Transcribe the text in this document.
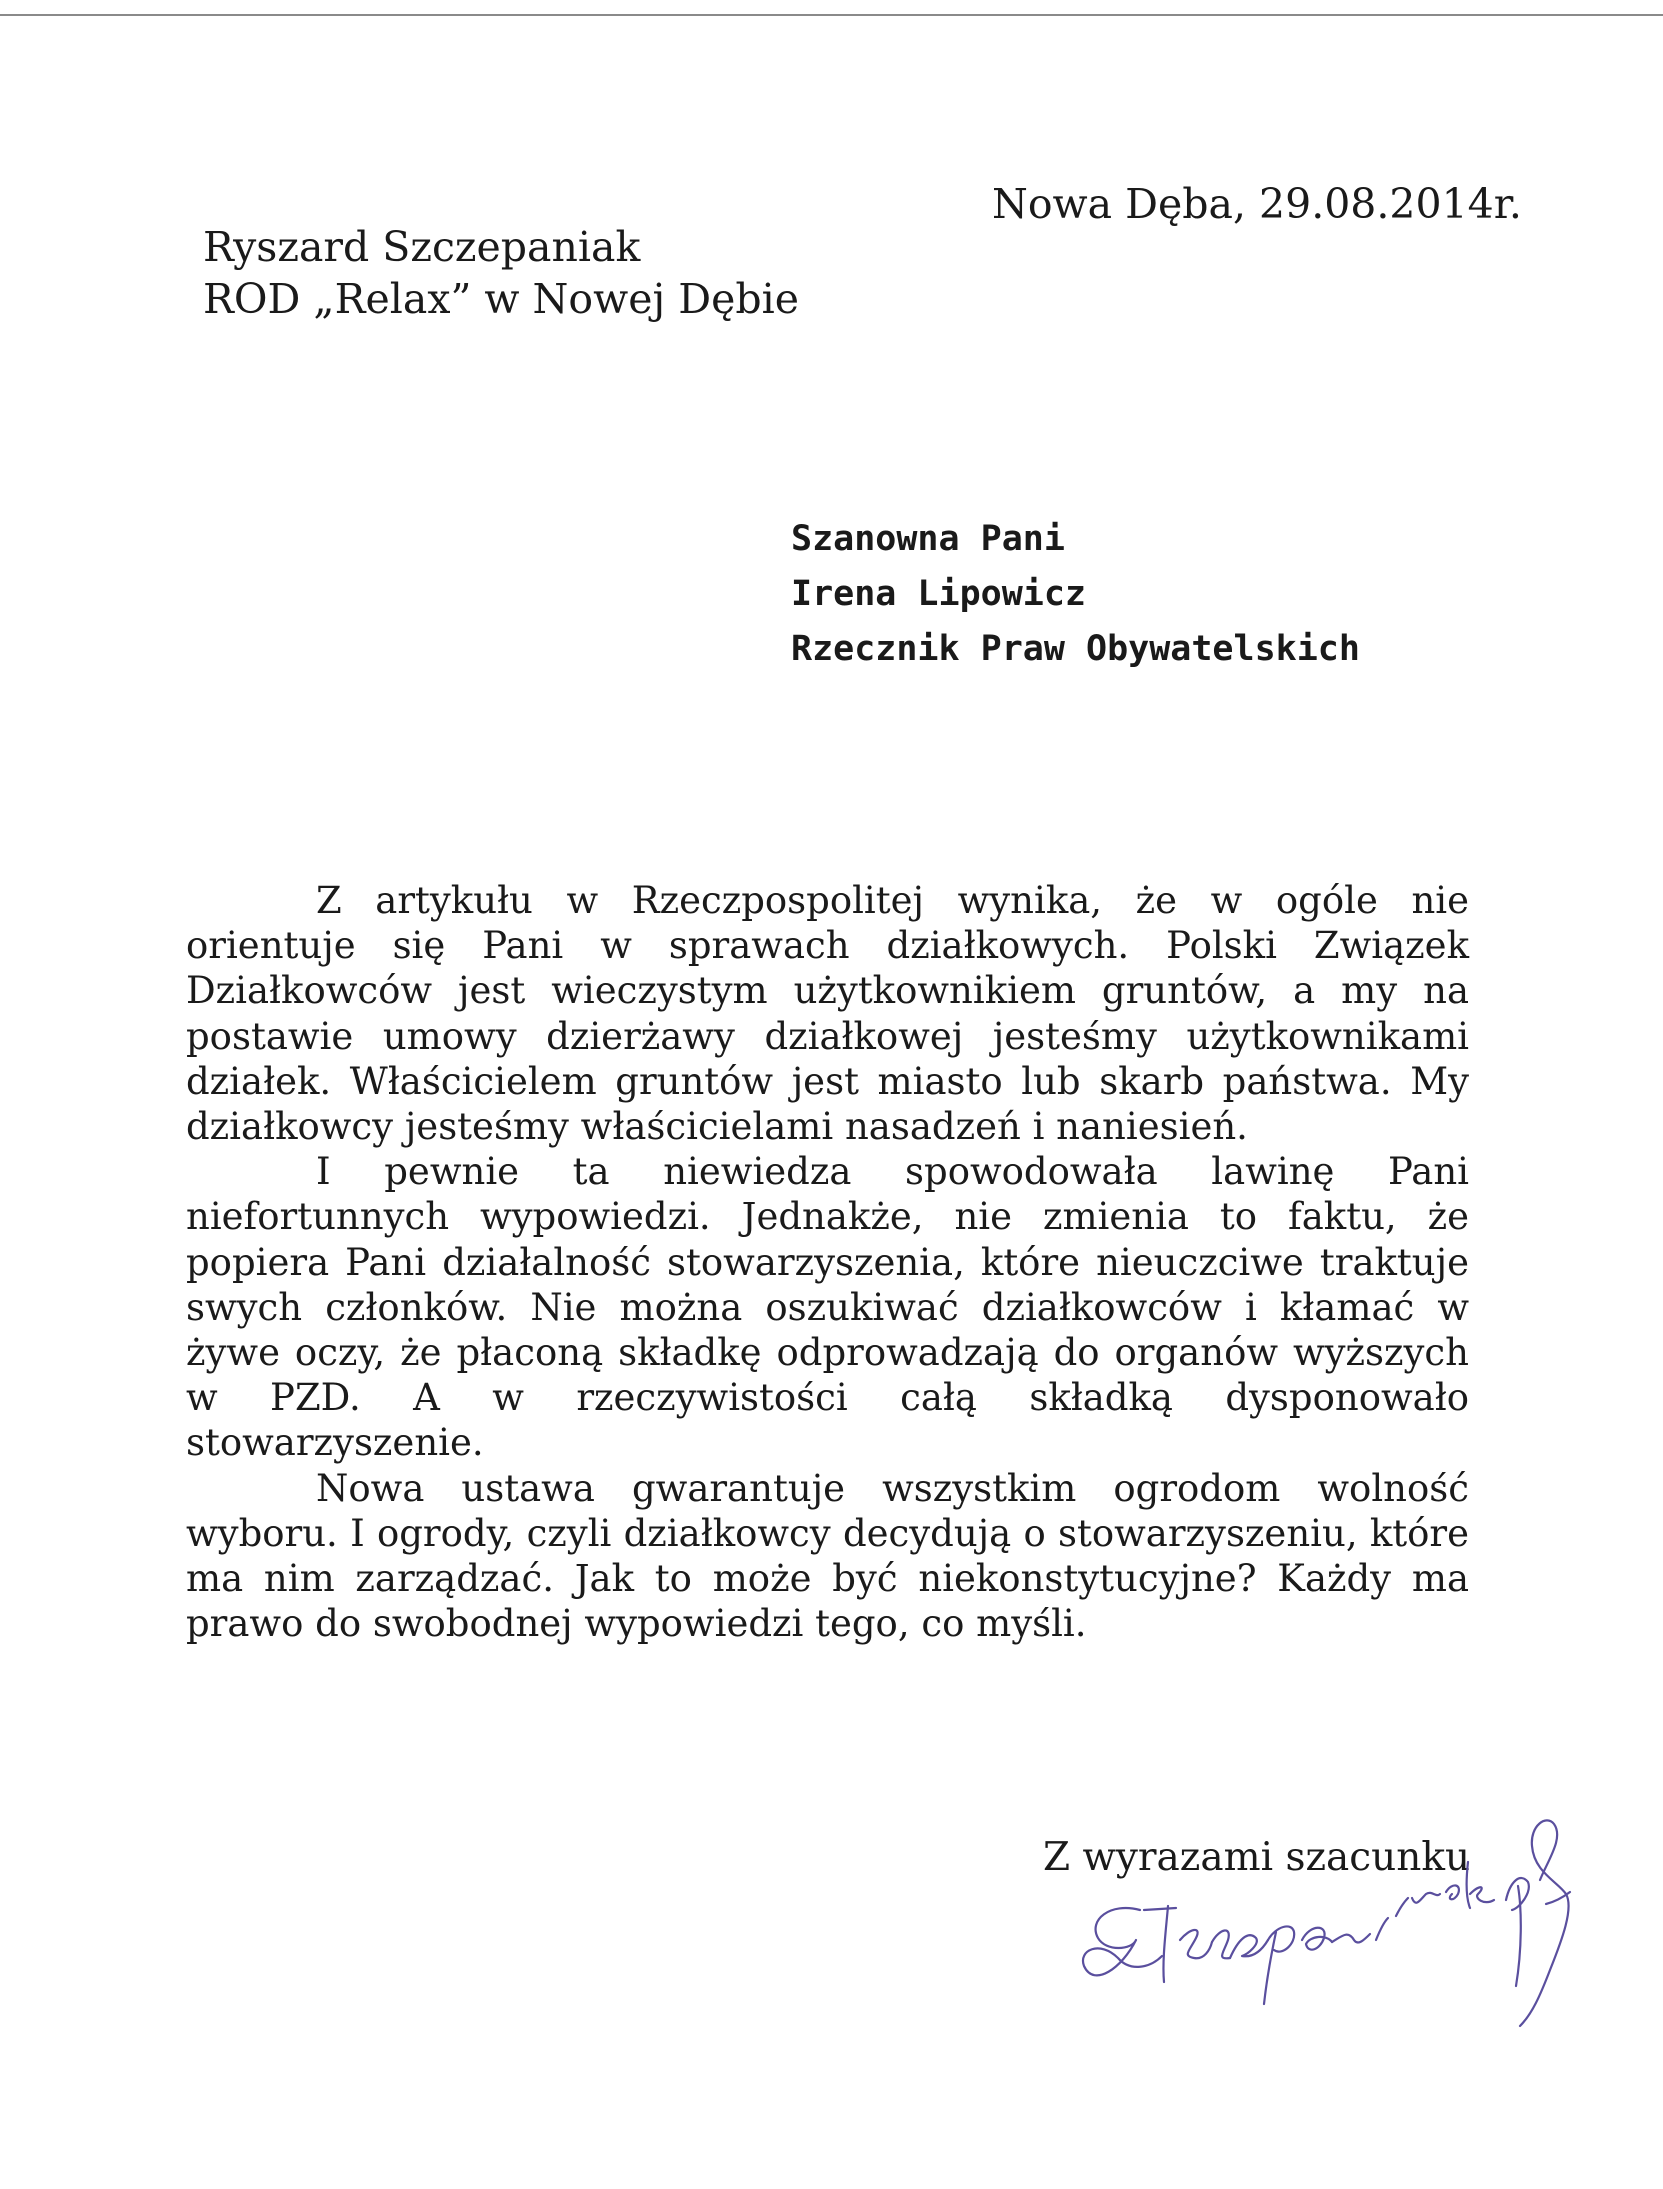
Nowa Dęba, 29.08.2014r.
Ryszard Szczepaniak
ROD „Relax” w Nowej Dębie
Szanowna Pani
Irena Lipowicz
Rzecznik Praw Obywatelskich

Z artykułu w Rzeczpospolitej wynika, że w ogóle nie orientuje się Pani w sprawach działkowych. Polski Związek Działkowców jest wieczystym użytkownikiem gruntów, a my na postawie umowy dzierżawy działkowej jesteśmy użytkownikami działek. Właścicielem gruntów jest miasto lub skarb państwa. My działkowcy jesteśmy właścicielami nasadzeń i naniesień.

I pewnie ta niewiedza spowodowała lawinę Pani niefortunnych wypowiedzi. Jednakże, nie zmienia to faktu, że popiera Pani działalność stowarzyszenia, które nieuczciwe traktuje swych członków. Nie można oszukiwać działkowców i kłamać w żywe oczy, że płaconą składkę odprowadzają do organów wyższych w PZD. A w rzeczywistości całą składką dysponowało stowarzyszenie.

Nowa ustawa gwarantuje wszystkim ogrodom wolność wyboru. I ogrody, czyli działkowcy decydują o stowarzyszeniu, które ma nim zarządzać. Jak to może być niekonstytucyjne? Każdy ma prawo do swobodnej wypowiedzi tego, co myśli.

Z wyrazami szacunku
